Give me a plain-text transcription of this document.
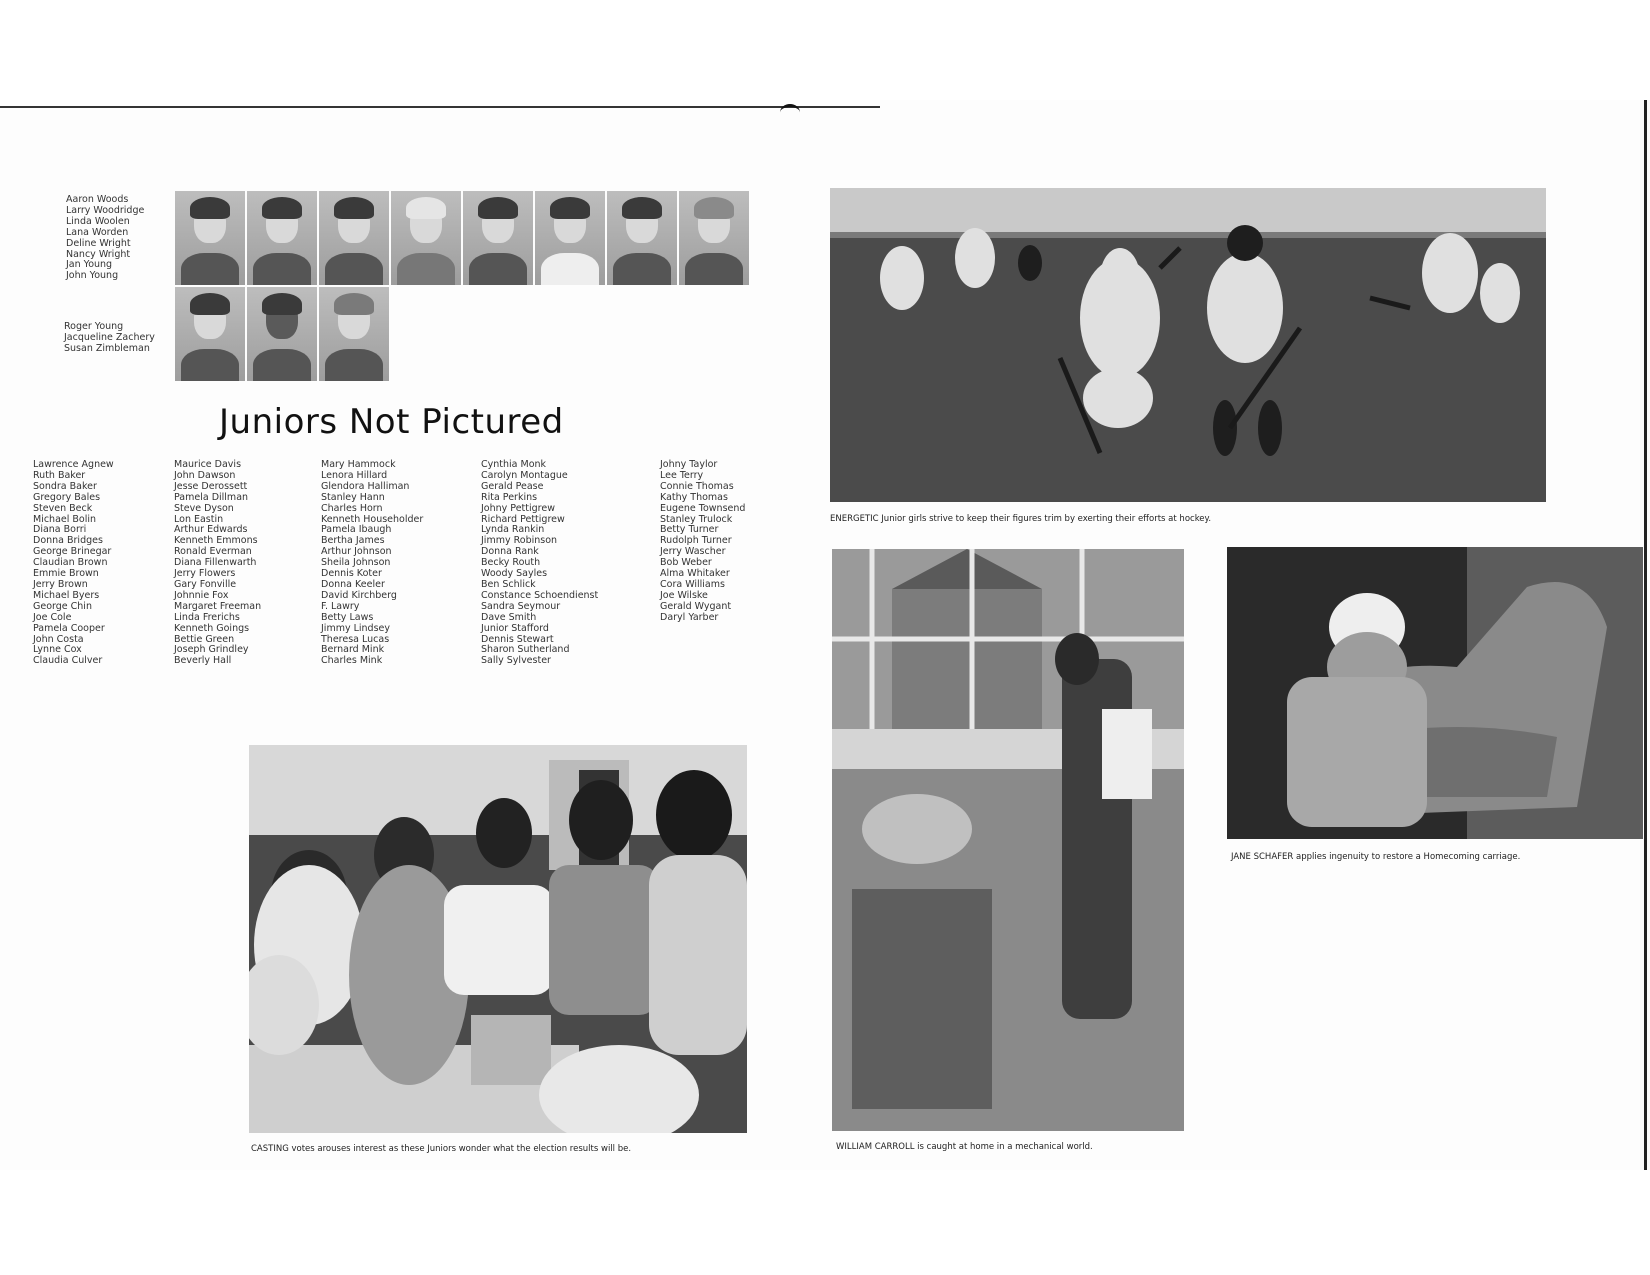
Aaron Woods
Larry Woodridge
Linda Woolen
Lana Worden
Deline Wright
Nancy Wright
Jan Young
John Young
Roger Young
Jacqueline Zachery
Susan Zimbleman
Juniors Not Pictured
Lawrence Agnew
Ruth Baker
Sondra Baker
Gregory Bales
Steven Beck
Michael Bolin
Diana Borri
Donna Bridges
George Brinegar
Claudian Brown
Emmie Brown
Jerry Brown
Michael Byers
George Chin
Joe Cole
Pamela Cooper
John Costa
Lynne Cox
Claudia Culver
Maurice Davis
John Dawson
Jesse Derossett
Pamela Dillman
Steve Dyson
Lon Eastin
Arthur Edwards
Kenneth Emmons
Ronald Everman
Diana Fillenwarth
Jerry Flowers
Gary Fonville
Johnnie Fox
Margaret Freeman
Linda Frerichs
Kenneth Goings
Bettie Green
Joseph Grindley
Beverly Hall
Mary Hammock
Lenora Hillard
Glendora Halliman
Stanley Hann
Charles Horn
Kenneth Householder
Pamela Ibaugh
Bertha James
Arthur Johnson
Sheila Johnson
Dennis Koter
Donna Keeler
David Kirchberg
F. Lawry
Betty Laws
Jimmy Lindsey
Theresa Lucas
Bernard Mink
Charles Mink
Cynthia Monk
Carolyn Montague
Gerald Pease
Rita Perkins
Johny Pettigrew
Richard Pettigrew
Lynda Rankin
Jimmy Robinson
Donna Rank
Becky Routh
Woody Sayles
Ben Schlick
Constance Schoendienst
Sandra Seymour
Dave Smith
Junior Stafford
Dennis Stewart
Sharon Sutherland
Sally Sylvester
Johny Taylor
Lee Terry
Connie Thomas
Kathy Thomas
Eugene Townsend
Stanley Trulock
Betty Turner
Rudolph Turner
Jerry Wascher
Bob Weber
Alma Whitaker
Cora Williams
Joe Wilske
Gerald Wygant
Daryl Yarber
CASTING votes arouses interest as these Juniors wonder what the election results will be.
ENERGETIC Junior girls strive to keep their figures trim by exerting their efforts at hockey.
WILLIAM CARROLL is caught at home in a mechanical world.
JANE SCHAFER applies ingenuity to restore a Homecoming carriage.
